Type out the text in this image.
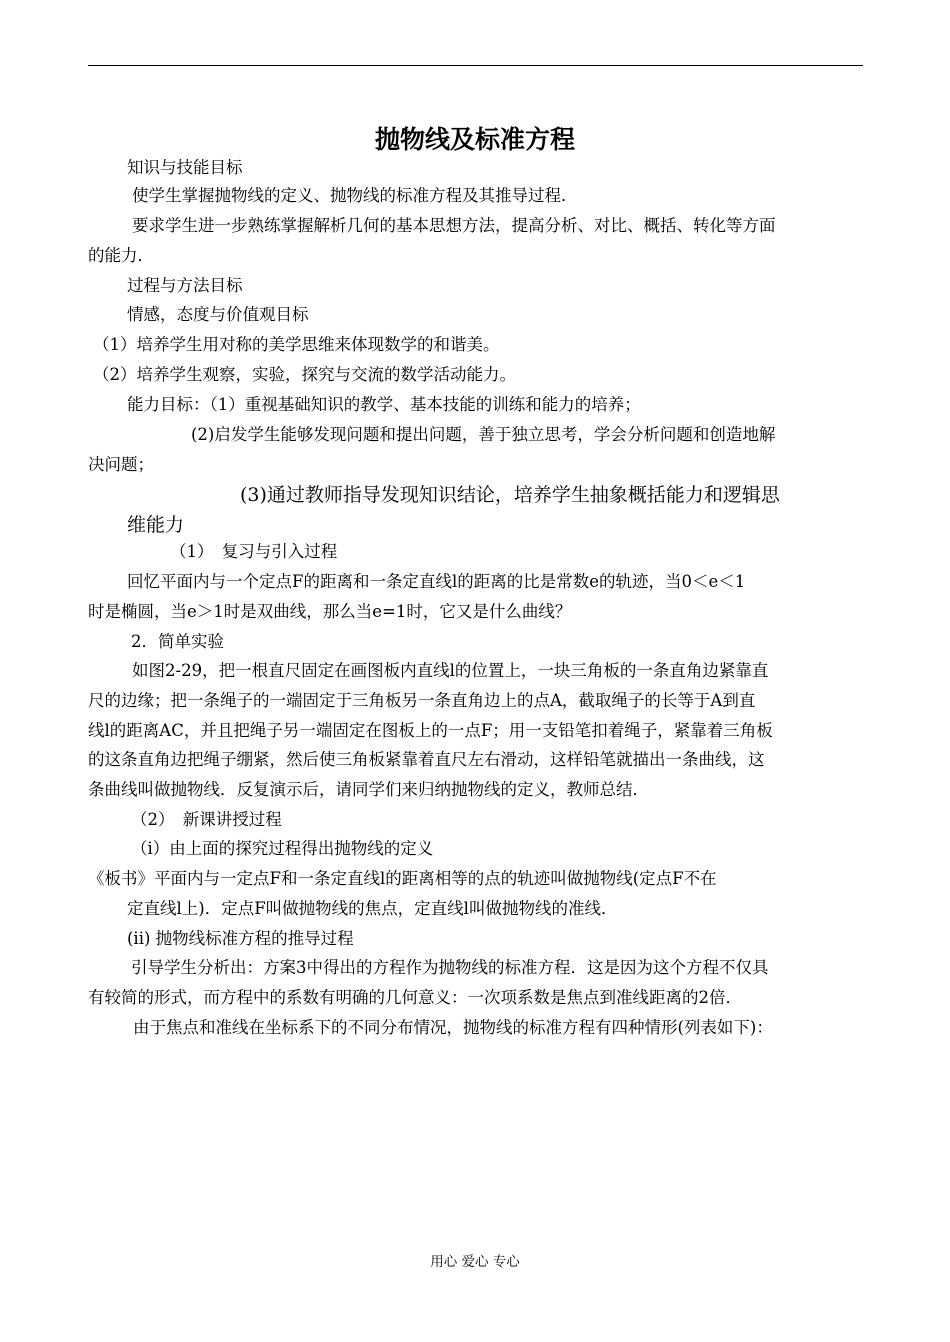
抛物线及标准方程
知识与技能目标
使学生掌握抛物线的定义、抛物线的标准方程及其推导过程．
要求学生进一步熟练掌握解析几何的基本思想方法，提高分析、对比、概括、转化等方面
的能力．
过程与方法目标
情感，态度与价值观目标
（1）培养学生用对称的美学思维来体现数学的和谐美。
（2）培养学生观察，实验，探究与交流的数学活动能力。
能力目标：（1）重视基础知识的教学、基本技能的训练和能力的培养；
(2)启发学生能够发现问题和提出问题，善于独立思考，学会分析问题和创造地解
决问题；
(3)通过教师指导发现知识结论，培养学生抽象概括能力和逻辑思
维能力
（1）　复习与引入过程
回忆平面内与一个定点F的距离和一条定直线l的距离的比是常数e的轨迹，当0＜e＜1
时是椭圆，当e＞1时是双曲线，那么当e=1时，它又是什么曲线？
2．简单实验
如图2-29，把一根直尺固定在画图板内直线l的位置上，一块三角板的一条直角边紧靠直
尺的边缘；把一条绳子的一端固定于三角板另一条直角边上的点A，截取绳子的长等于A到直
线l的距离AC，并且把绳子另一端固定在图板上的一点F；用一支铅笔扣着绳子，紧靠着三角板
的这条直角边把绳子绷紧，然后使三角板紧靠着直尺左右滑动，这样铅笔就描出一条曲线，这
条曲线叫做抛物线．反复演示后，请同学们来归纳抛物线的定义，教师总结．
（2）　新课讲授过程
（i）由上面的探究过程得出抛物线的定义
《板书》平面内与一定点F和一条定直线l的距离相等的点的轨迹叫做抛物线(定点F不在
定直线l上)．定点F叫做抛物线的焦点，定直线l叫做抛物线的准线．
(ii) 抛物线标准方程的推导过程
引导学生分析出：方案3中得出的方程作为抛物线的标准方程．这是因为这个方程不仅具
有较简的形式，而方程中的系数有明确的几何意义：一次项系数是焦点到准线距离的2倍．
由于焦点和准线在坐标系下的不同分布情况，抛物线的标准方程有四种情形(列表如下)：
用心 爱心 专心
